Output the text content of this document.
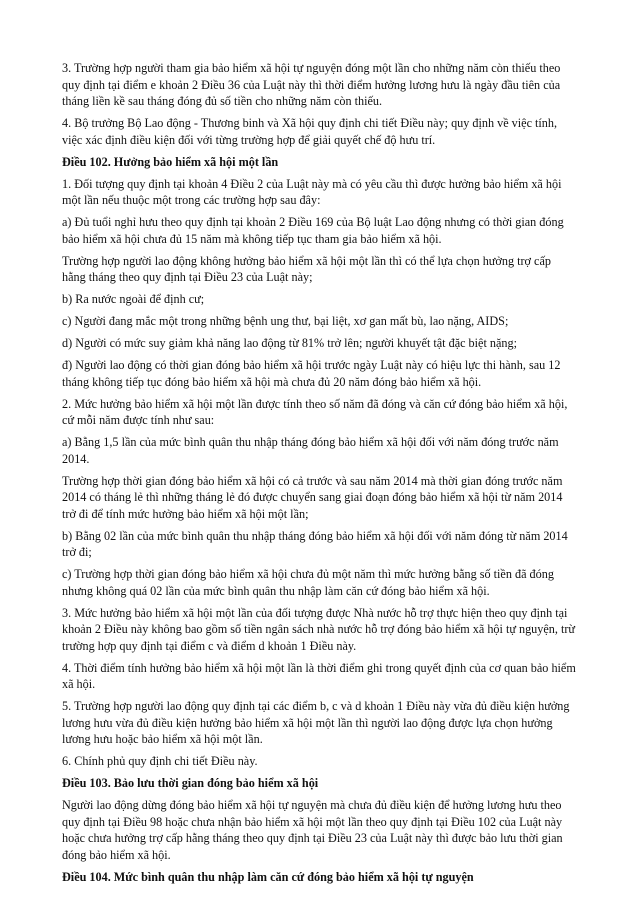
3. Trường hợp người tham gia bảo hiểm xã hội tự nguyện đóng một lần cho những năm còn thiếu theo quy định tại điểm e khoản 2 Điều 36 của Luật này thì thời điểm hưởng lương hưu là ngày đầu tiên của tháng liền kề sau tháng đóng đủ số tiền cho những năm còn thiếu.

4. Bộ trưởng Bộ Lao động - Thương binh và Xã hội quy định chi tiết Điều này; quy định về việc tính, việc xác định điều kiện đối với từng trường hợp để giải quyết chế độ hưu trí.

Điều 102. Hưởng bảo hiểm xã hội một lần

1. Đối tượng quy định tại khoản 4 Điều 2 của Luật này mà có yêu cầu thì được hưởng bảo hiểm xã hội một lần nếu thuộc một trong các trường hợp sau đây:

a) Đủ tuổi nghỉ hưu theo quy định tại khoản 2 Điều 169 của Bộ luật Lao động nhưng có thời gian đóng bảo hiểm xã hội chưa đủ 15 năm mà không tiếp tục tham gia bảo hiểm xã hội.

Trường hợp người lao động không hưởng bảo hiểm xã hội một lần thì có thể lựa chọn hưởng trợ cấp hằng tháng theo quy định tại Điều 23 của Luật này;

b) Ra nước ngoài để định cư;

c) Người đang mắc một trong những bệnh ung thư, bại liệt, xơ gan mất bù, lao nặng, AIDS;

d) Người có mức suy giảm khả năng lao động từ 81% trở lên; người khuyết tật đặc biệt nặng;

đ) Người lao động có thời gian đóng bảo hiểm xã hội trước ngày Luật này có hiệu lực thi hành, sau 12 tháng không tiếp tục đóng bảo hiểm xã hội mà chưa đủ 20 năm đóng bảo hiểm xã hội.

2. Mức hưởng bảo hiểm xã hội một lần được tính theo số năm đã đóng và căn cứ đóng bảo hiểm xã hội, cứ mỗi năm được tính như sau:

a) Bằng 1,5 lần của mức bình quân thu nhập tháng đóng bảo hiểm xã hội đối với năm đóng trước năm 2014.

Trường hợp thời gian đóng bảo hiểm xã hội có cả trước và sau năm 2014 mà thời gian đóng trước năm 2014 có tháng lẻ thì những tháng lẻ đó được chuyển sang giai đoạn đóng bảo hiểm xã hội từ năm 2014 trở đi để tính mức hưởng bảo hiểm xã hội một lần;

b) Bằng 02 lần của mức bình quân thu nhập tháng đóng bảo hiểm xã hội đối với năm đóng từ năm 2014 trở đi;

c) Trường hợp thời gian đóng bảo hiểm xã hội chưa đủ một năm thì mức hưởng bằng số tiền đã đóng nhưng không quá 02 lần của mức bình quân thu nhập làm căn cứ đóng bảo hiểm xã hội.

3. Mức hưởng bảo hiểm xã hội một lần của đối tượng được Nhà nước hỗ trợ thực hiện theo quy định tại khoản 2 Điều này không bao gồm số tiền ngân sách nhà nước hỗ trợ đóng bảo hiểm xã hội tự nguyện, trừ trường hợp quy định tại điểm c và điểm d khoản 1 Điều này.

4. Thời điểm tính hưởng bảo hiểm xã hội một lần là thời điểm ghi trong quyết định của cơ quan bảo hiểm xã hội.

5. Trường hợp người lao động quy định tại các điểm b, c và d khoản 1 Điều này vừa đủ điều kiện hưởng lương hưu vừa đủ điều kiện hưởng bảo hiểm xã hội một lần thì người lao động được lựa chọn hưởng lương hưu hoặc bảo hiểm xã hội một lần.

6. Chính phủ quy định chi tiết Điều này.

Điều 103. Bảo lưu thời gian đóng bảo hiểm xã hội

Người lao động dừng đóng bảo hiểm xã hội tự nguyện mà chưa đủ điều kiện để hưởng lương hưu theo quy định tại Điều 98 hoặc chưa nhận bảo hiểm xã hội một lần theo quy định tại Điều 102 của Luật này hoặc chưa hưởng trợ cấp hằng tháng theo quy định tại Điều 23 của Luật này thì được bảo lưu thời gian đóng bảo hiểm xã hội.

Điều 104. Mức bình quân thu nhập làm căn cứ đóng bảo hiểm xã hội tự nguyện
